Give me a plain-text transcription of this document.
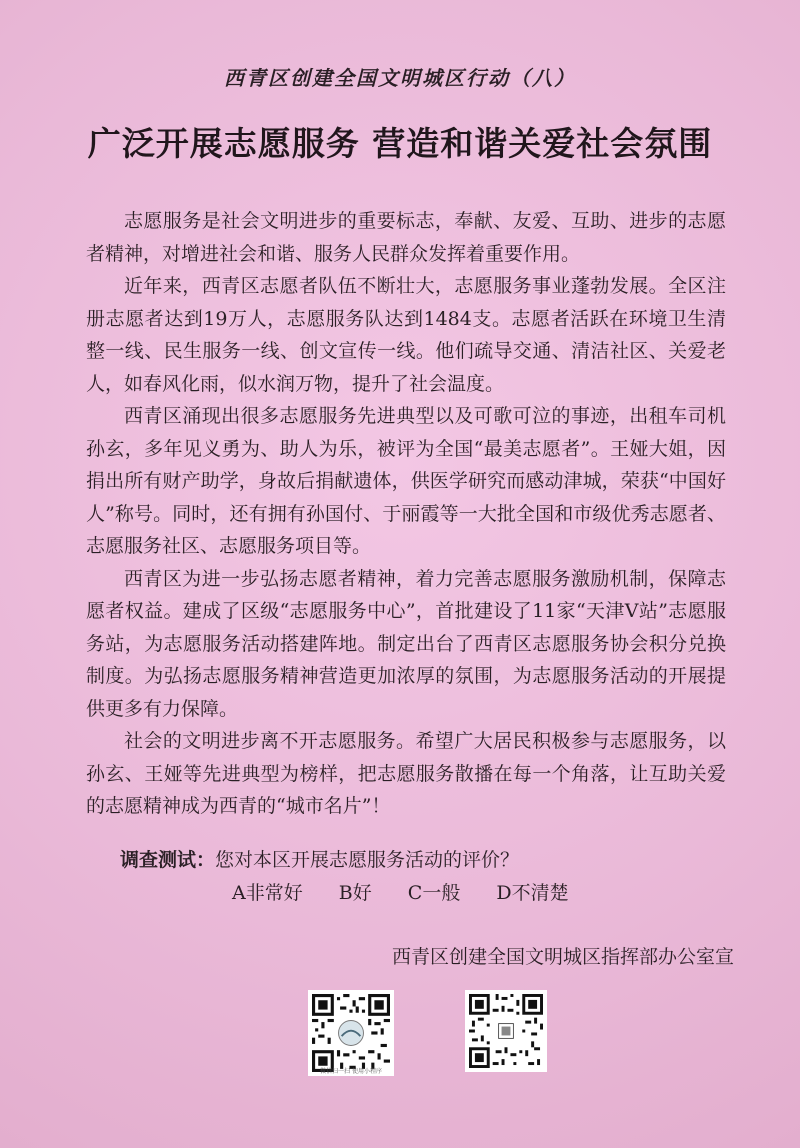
西青区创建全国文明城区行动（八）
广泛开展志愿服务 营造和谐关爱社会氛围

志愿服务是社会文明进步的重要标志，奉献、友爱、互助、进步的志愿者精神，对增进社会和谐、服务人民群众发挥着重要作用。

近年来，西青区志愿者队伍不断壮大，志愿服务事业蓬勃发展。全区注册志愿者达到19万人，志愿服务队达到1484支。志愿者活跃在环境卫生清整一线、民生服务一线、创文宣传一线。他们疏导交通、清洁社区、关爱老人，如春风化雨，似水润万物，提升了社会温度。

西青区涌现出很多志愿服务先进典型以及可歌可泣的事迹，出租车司机孙玄，多年见义勇为、助人为乐，被评为全国“最美志愿者”。王娅大姐，因捐出所有财产助学，身故后捐献遗体，供医学研究而感动津城，荣获“中国好人”称号。同时，还有拥有孙国付、于丽霞等一大批全国和市级优秀志愿者、志愿服务社区、志愿服务项目等。

西青区为进一步弘扬志愿者精神，着力完善志愿服务激励机制，保障志愿者权益。建成了区级“志愿服务中心”，首批建设了11家“天津V站”志愿服务站，为志愿服务活动搭建阵地。制定出台了西青区志愿服务协会积分兑换制度。为弘扬志愿服务精神营造更加浓厚的氛围，为志愿服务活动的开展提供更多有力保障。

社会的文明进步离不开志愿服务。希望广大居民积极参与志愿服务，以孙玄、王娅等先进典型为榜样，把志愿服务散播在每一个角落，让互助关爱的志愿精神成为西青的“城市名片”！

调查测试：您对本区开展志愿服务活动的评价？
A非常好 B好 C一般 D不清楚
西青区创建全国文明城区指挥部办公室宣
微信扫一扫 使用小程序
